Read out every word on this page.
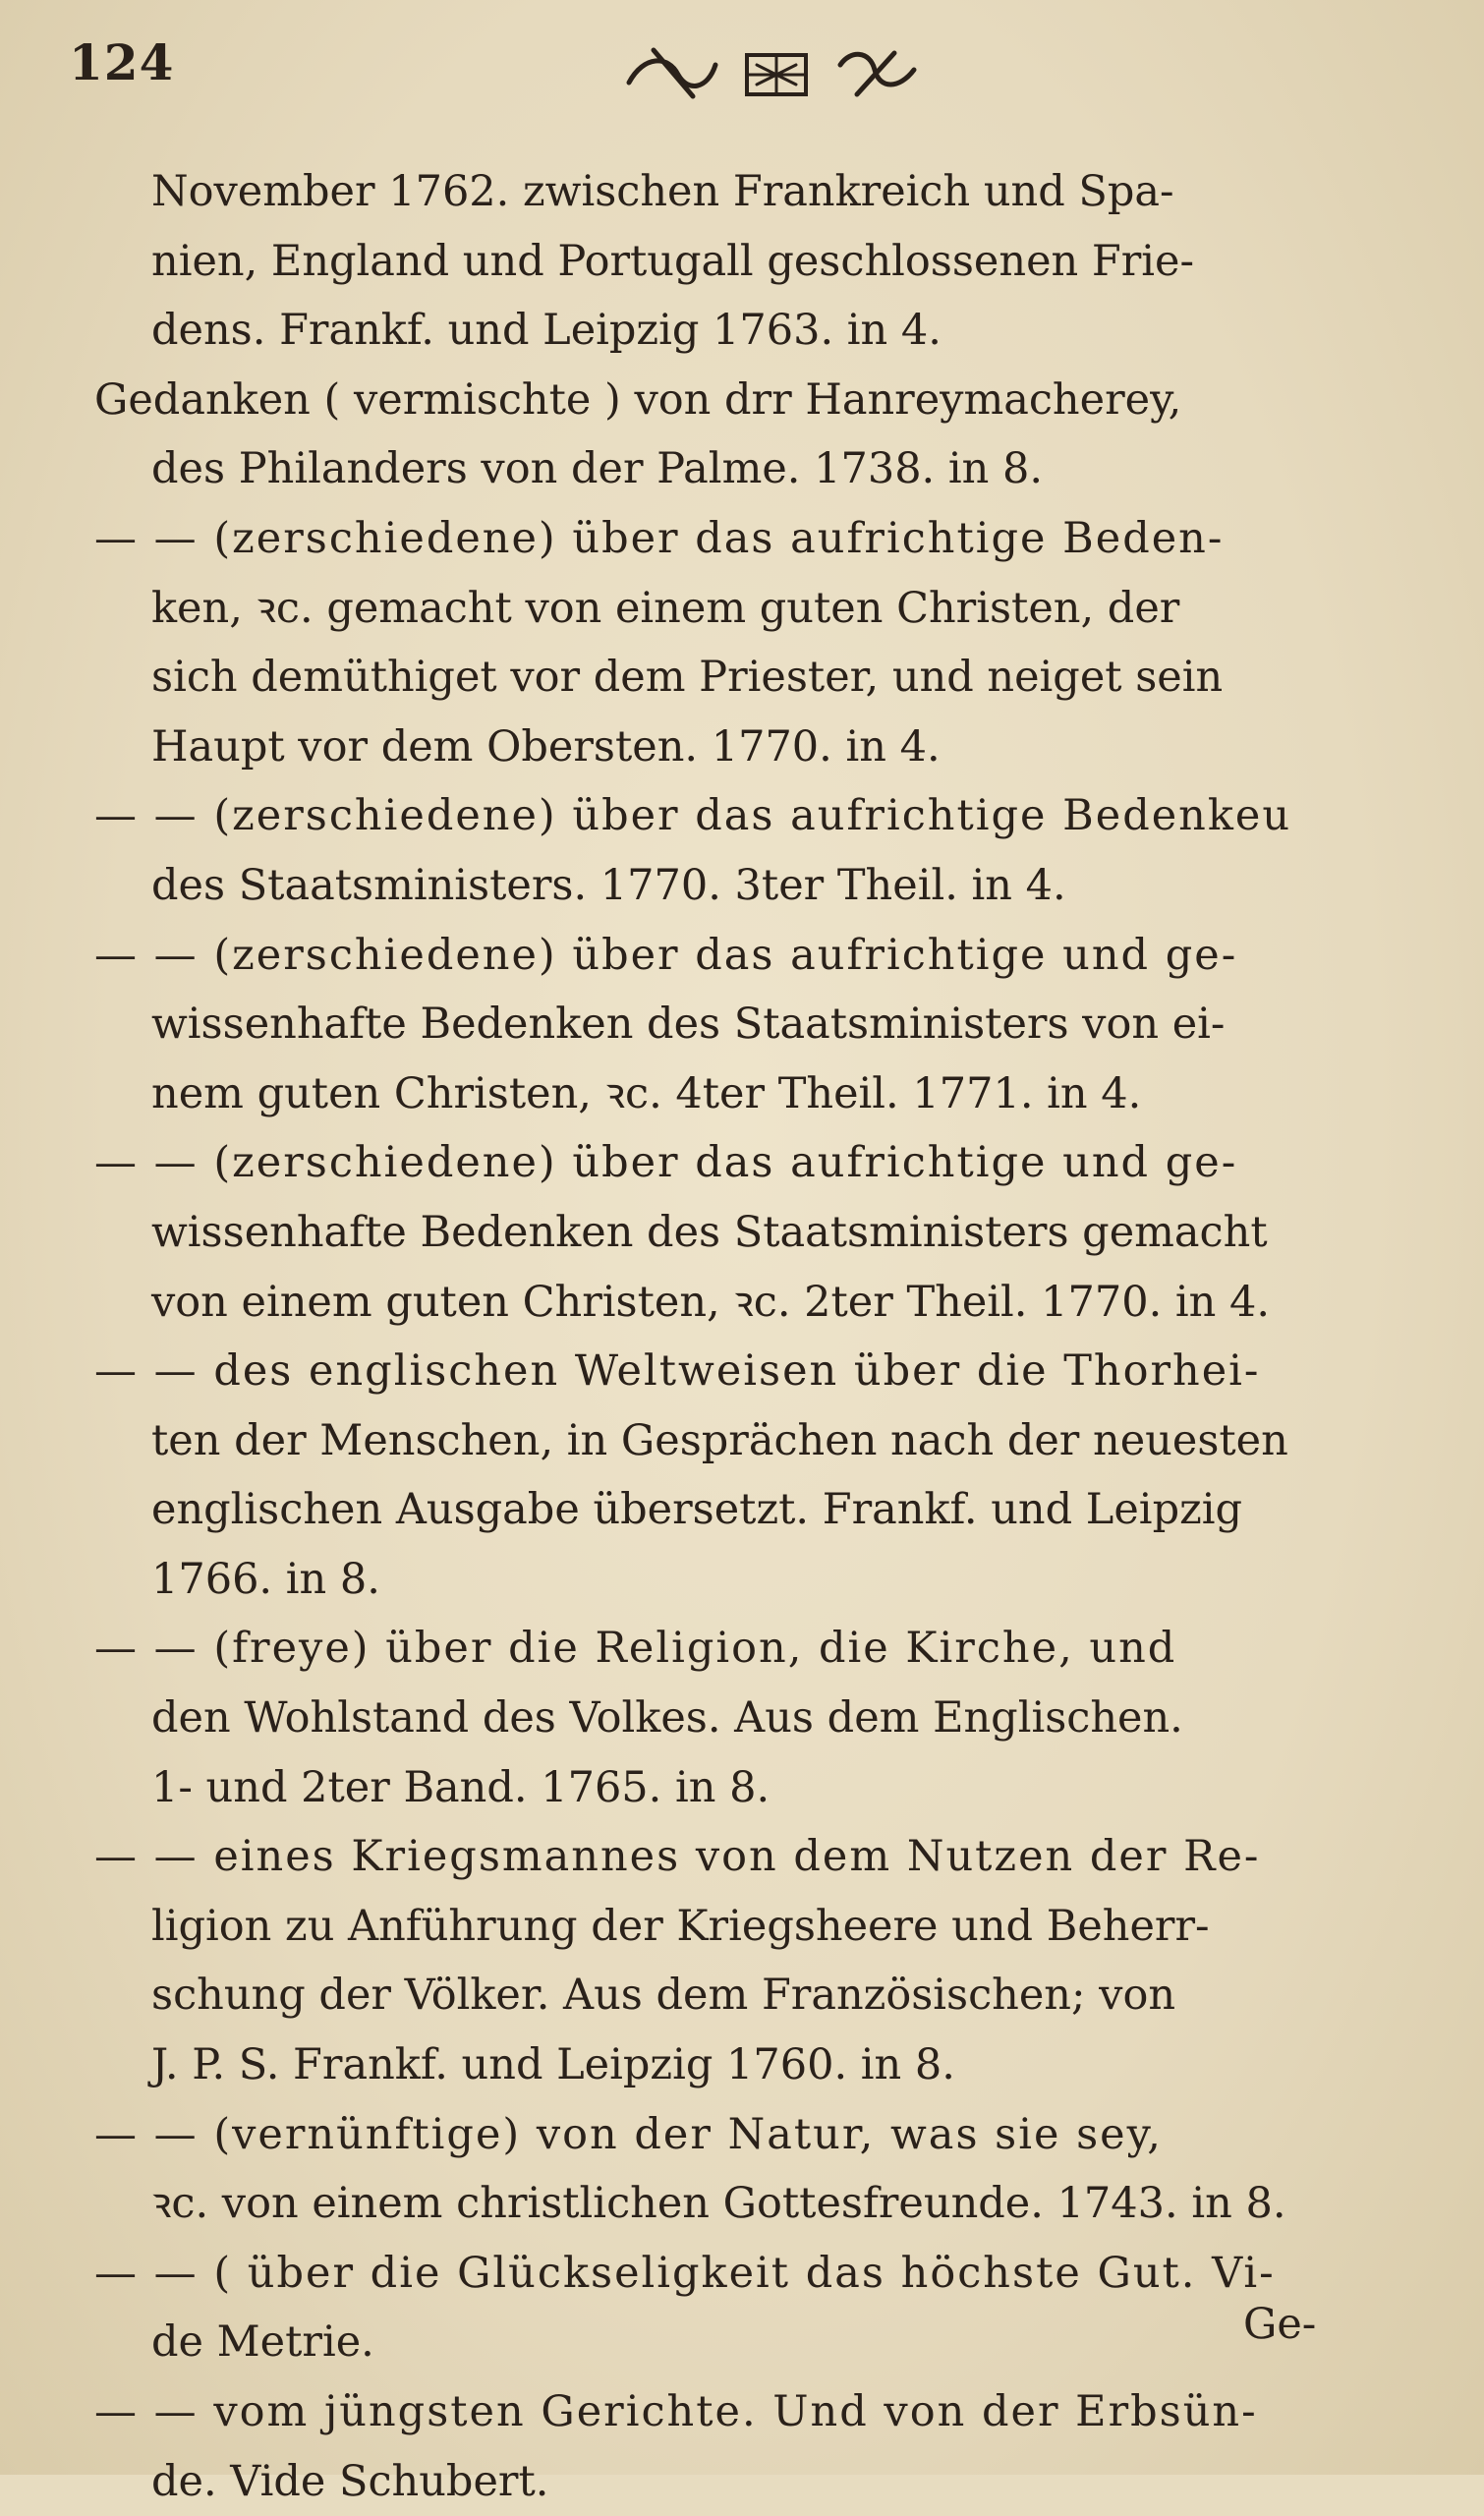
124
November 1762. zwischen Frankreich und Spa-
nien, England und Portugall geschlossenen Frie-
dens. Frankf. und Leipzig 1763. in 4.
Gedanken ( vermischte ) von drr Hanreymacherey,
des Philanders von der Palme. 1738. in 8.
— — (zerschiedene) über das aufrichtige Beden-
ken, ꝛc. gemacht von einem guten Christen, der
sich demüthiget vor dem Priester, und neiget sein
Haupt vor dem Obersten. 1770. in 4.
— — (zerschiedene) über das aufrichtige Bedenkeu
des Staatsministers. 1770. 3ter Theil. in 4.
— — (zerschiedene) über das aufrichtige und ge-
wissenhafte Bedenken des Staatsministers von ei-
nem guten Christen, ꝛc. 4ter Theil. 1771. in 4.
— — (zerschiedene) über das aufrichtige und ge-
wissenhafte Bedenken des Staatsministers gemacht
von einem guten Christen, ꝛc. 2ter Theil. 1770. in 4.
— — des englischen Weltweisen über die Thorhei-
ten der Menschen, in Gesprächen nach der neuesten
englischen Ausgabe übersetzt. Frankf. und Leipzig
1766. in 8.
— — (freye) über die Religion, die Kirche, und
den Wohlstand des Volkes. Aus dem Englischen.
1- und 2ter Band. 1765. in 8.
— — eines Kriegsmannes von dem Nutzen der Re-
ligion zu Anführung der Kriegsheere und Beherr-
schung der Völker. Aus dem Französischen; von
J. P. S. Frankf. und Leipzig 1760. in 8.
— — (vernünftige) von der Natur, was sie sey,
ꝛc. von einem christlichen Gottesfreunde. 1743. in 8.
— — ( über die Glückseligkeit das höchste Gut. Vi-
de Metrie.
— — vom jüngsten Gerichte. Und von der Erbsün-
de. Vide Schubert.
Ge-
